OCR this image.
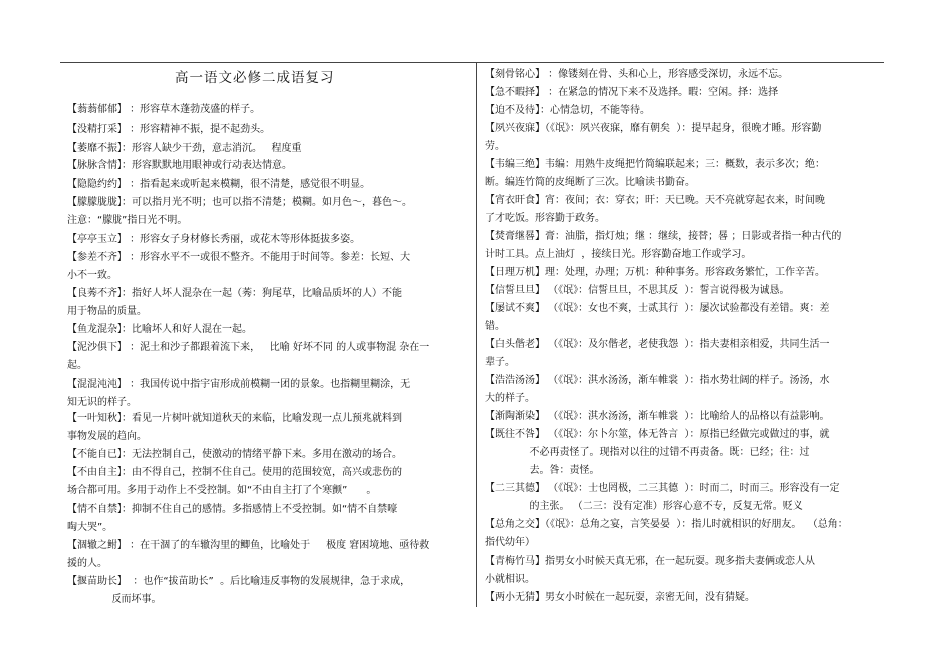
高一语文必修二成语复习
【蓊蓊郁郁】 ：形容草木蓬勃茂盛的样子。
【没精打采】 ：形容精神不振，提不起劲头。
【萎靡不振】：形容人缺少干劲，意志消沉。   程度重
【脉脉含情】：形容默默地用眼神或行动表达情意。
【隐隐约约】 ：指看起来或听起来模糊，很不清楚，感觉很不明显。
【朦朦胧胧】：可以指月光不明；也可以指不清楚；模糊。如月色～，暮色～。
注意：“朦胧”指日光不明。
【亭亭玉立】 ：形容女子身材修长秀丽，或花木等形体挺拔多姿。
【参差不齐】 ：形容水平不一或很不整齐。不能用于时间等。参差：长短、大
小不一致。
【良莠不齐】：指好人坏人混杂在一起（莠：狗尾草，比喻品质坏的人）不能
用于物品的质量。
【鱼龙混杂】：比喻坏人和好人混在一起。
【泥沙俱下】 ：泥土和沙子都跟着流下来，   比喻 好坏不同 的人或事物混 杂在一
起。
【混混沌沌】 ：我国传说中指宇宙形成前模糊一团的景象。也指糊里糊涂，无
知无识的样子。
【一叶知秋】：看见一片树叶就知道秋天的来临，比喻发现一点儿预兆就料到
事物发展的趋向。
【不能自已】：无法控制自己，使激动的情绪平静下来。多用在激动的场合。
【不由自主】：由不得自己，控制不住自己。使用的范围较宽，高兴或悲伤的
场合都可用。多用于动作上不受控制。如“不由自主打了个寒颤”      。
【情不自禁】：抑制不住自己的感情。多指感情上不受控制。如“情不自禁嚎
啕大哭”。
【涸辙之鲋】 ：在干涸了的车辙沟里的鲫鱼，比喻处于     极度 窘困境地、亟待救
援的人。
【揠苗助长】  ：也作“拔苗助长”  。后比喻违反事物的发展规律，急于求成，
反而坏事。
【刻骨铭心】 ：像镂刻在骨、头和心上，形容感受深切，永远不忘。
【急不暇择】 ：在紧急的情况下来不及选择。暇：空闲。择：选择
【迫不及待】：心情急切，不能等待。
【夙兴夜寐】（《氓》：夙兴夜寐，靡有朝矣  ）：提早起身，很晚才睡。形容勤
劳。
【韦编三绝】韦编：用熟牛皮绳把竹简编联起来；三：概数，表示多次；绝：
断。编连竹简的皮绳断了三次。比喻读书勤奋。
【宵衣旰食】宵：夜间；衣：穿衣；旰：天已晚。天不亮就穿起衣来，时间晚
了才吃饭。形容勤于政务。
【焚膏继晷】膏：油脂，指灯烛；继 ：继续，接替；晷 ；日影或者指一种古代的
计时工具。点上油灯  ，接续日光。形容勤奋地工作或学习。
【日理万机】理：处理，办理；万机：种种事务。形容政务繁忙，工作辛苦。
【信誓旦旦】 （《氓》：信誓旦旦，不思其反  ）：誓言说得极为诚恳。
【屡试不爽】 （《氓》：女也不爽，士贰其行  ）：屡次试验都没有差错。爽：差
错。
【白头偕老】 （《氓》：及尔偕老，老使我怨  ）：指夫妻相亲相爱，共同生活一
辈子。
【浩浩汤汤】 （《氓》：淇水汤汤，渐车帷裳  ）：指水势壮阔的样子。汤汤，水
大的样子。
【渐陶渐染】 （《氓》：淇水汤汤，渐车帷裳  ）：比喻给人的品格以有益影响。
【既往不咎】 （《氓》：尔卜尔筮，体无咎言  ）：原指已经做完或做过的事，就
不必再责怪了。现指对以往的过错不再责备。既：已经；往：过
去。咎：责怪。
【二三其德】 （《氓》：士也罔极，二三其德  ）：时而二，时而三。形容没有一定
的主张。 （二三：没有定准）形容心意不专，反复无常。贬义
【总角之交】（《氓》：总角之宴，言笑晏晏  ）：指儿时就相识的好朋友。  （总角：
指代幼年）
【青梅竹马】指男女小时候天真无邪，在一起玩耍。现多指夫妻俩或恋人从
小就相识。
【两小无猜】男女小时候在一起玩耍，亲密无间，没有猜疑。
